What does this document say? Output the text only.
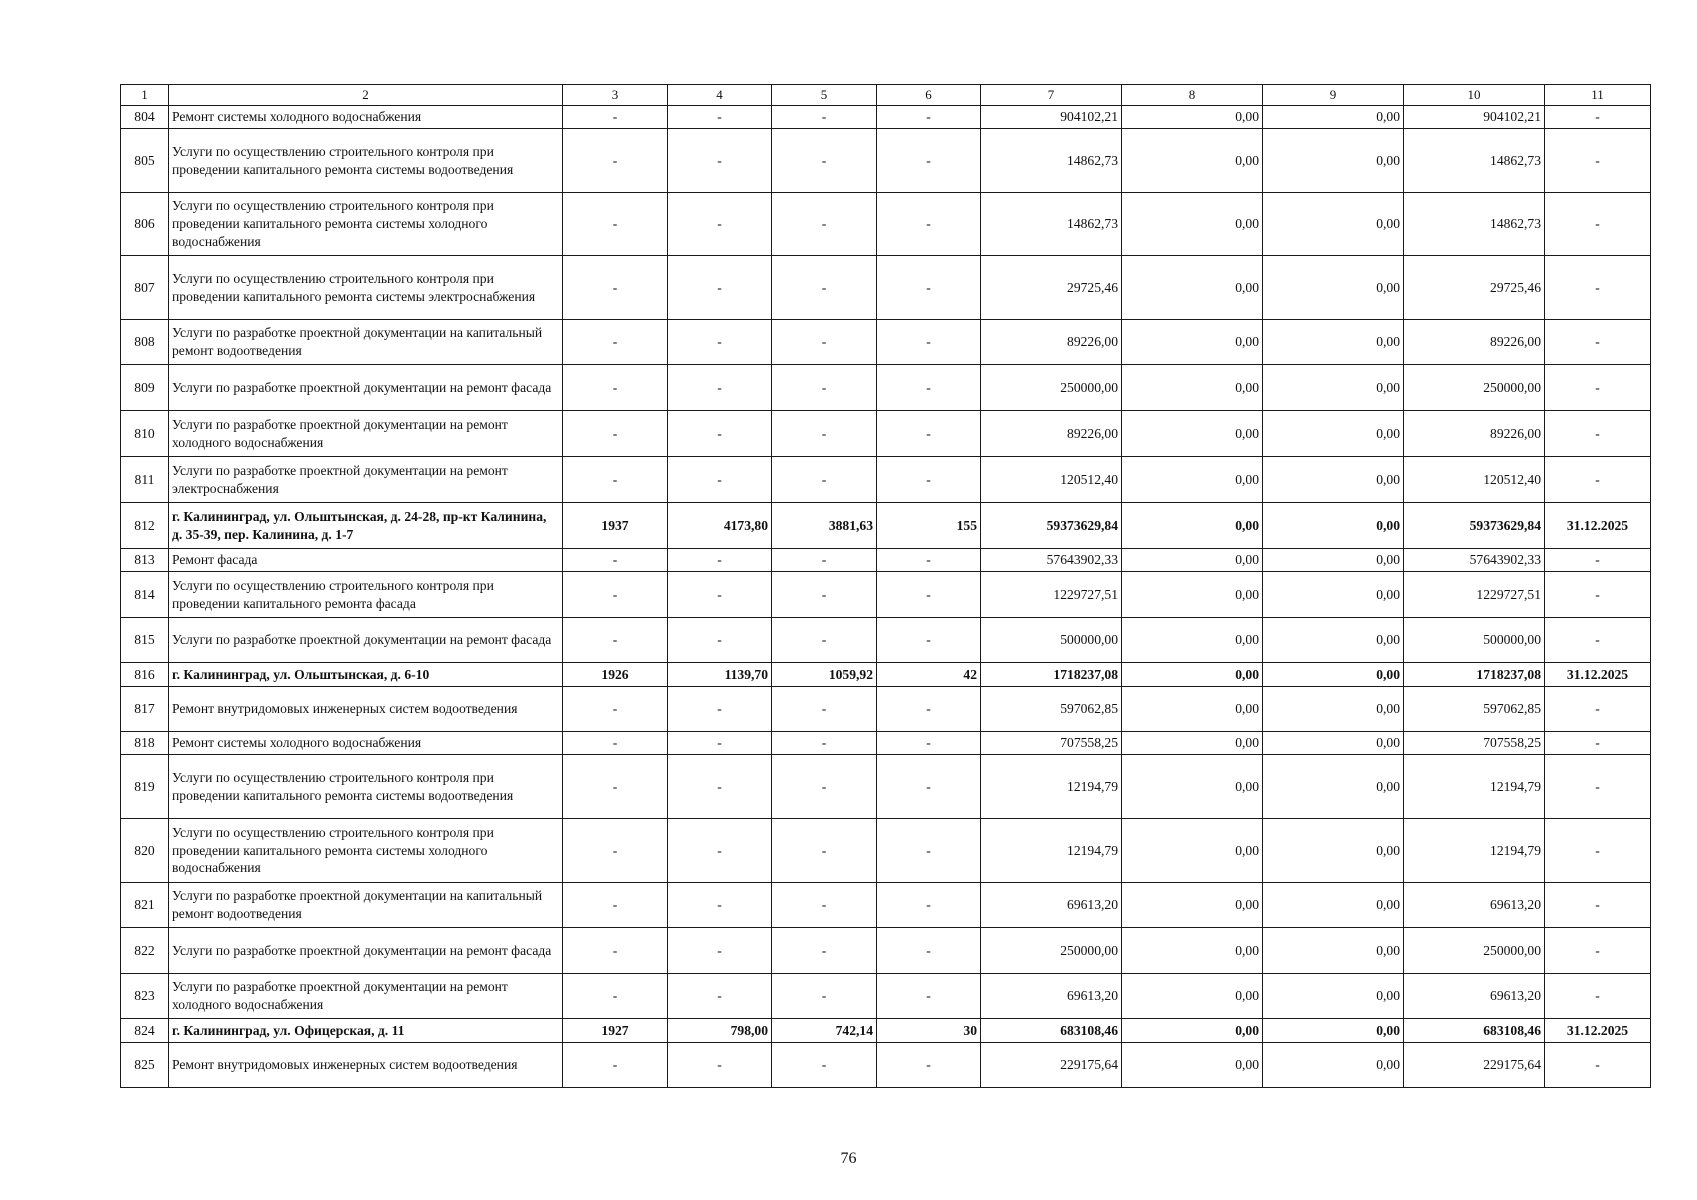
1	2	3	4	5	6	7	8	9	10	11
804	Ремонт системы холодного водоснабжения	-	-	-	-	904102,21	0,00	0,00	904102,21	-
805	Услуги по осуществлению строительного контроля при проведении капитального ремонта системы водоотведения	-	-	-	-	14862,73	0,00	0,00	14862,73	-
806	Услуги по осуществлению строительного контроля при проведении капитального ремонта системы холодного водоснабжения	-	-	-	-	14862,73	0,00	0,00	14862,73	-
807	Услуги по осуществлению строительного контроля при проведении капитального ремонта системы электроснабжения	-	-	-	-	29725,46	0,00	0,00	29725,46	-
808	Услуги по разработке проектной документации на капитальный ремонт водоотведения	-	-	-	-	89226,00	0,00	0,00	89226,00	-
809	Услуги по разработке проектной документации на ремонт фасада	-	-	-	-	250000,00	0,00	0,00	250000,00	-
810	Услуги по разработке проектной документации на ремонт холодного водоснабжения	-	-	-	-	89226,00	0,00	0,00	89226,00	-
811	Услуги по разработке проектной документации на ремонт электроснабжения	-	-	-	-	120512,40	0,00	0,00	120512,40	-
812	г. Калининград, ул. Ольштынская, д. 24-28, пр-кт Калинина, д. 35-39, пер. Калинина, д. 1-7	1937	4173,80	3881,63	155	59373629,84	0,00	0,00	59373629,84	31.12.2025
813	Ремонт фасада	-	-	-	-	57643902,33	0,00	0,00	57643902,33	-
814	Услуги по осуществлению строительного контроля при проведении капитального ремонта фасада	-	-	-	-	1229727,51	0,00	0,00	1229727,51	-
815	Услуги по разработке проектной документации на ремонт фасада	-	-	-	-	500000,00	0,00	0,00	500000,00	-
816	г. Калининград, ул. Ольштынская, д. 6-10	1926	1139,70	1059,92	42	1718237,08	0,00	0,00	1718237,08	31.12.2025
817	Ремонт внутридомовых инженерных систем водоотведения	-	-	-	-	597062,85	0,00	0,00	597062,85	-
818	Ремонт системы холодного водоснабжения	-	-	-	-	707558,25	0,00	0,00	707558,25	-
819	Услуги по осуществлению строительного контроля при проведении капитального ремонта системы водоотведения	-	-	-	-	12194,79	0,00	0,00	12194,79	-
820	Услуги по осуществлению строительного контроля при проведении капитального ремонта системы холодного водоснабжения	-	-	-	-	12194,79	0,00	0,00	12194,79	-
821	Услуги по разработке проектной документации на капитальный ремонт водоотведения	-	-	-	-	69613,20	0,00	0,00	69613,20	-
822	Услуги по разработке проектной документации на ремонт фасада	-	-	-	-	250000,00	0,00	0,00	250000,00	-
823	Услуги по разработке проектной документации на ремонт холодного водоснабжения	-	-	-	-	69613,20	0,00	0,00	69613,20	-
824	г. Калининград, ул. Офицерская, д. 11	1927	798,00	742,14	30	683108,46	0,00	0,00	683108,46	31.12.2025
825	Ремонт внутридомовых инженерных систем водоотведения	-	-	-	-	229175,64	0,00	0,00	229175,64	-
76
